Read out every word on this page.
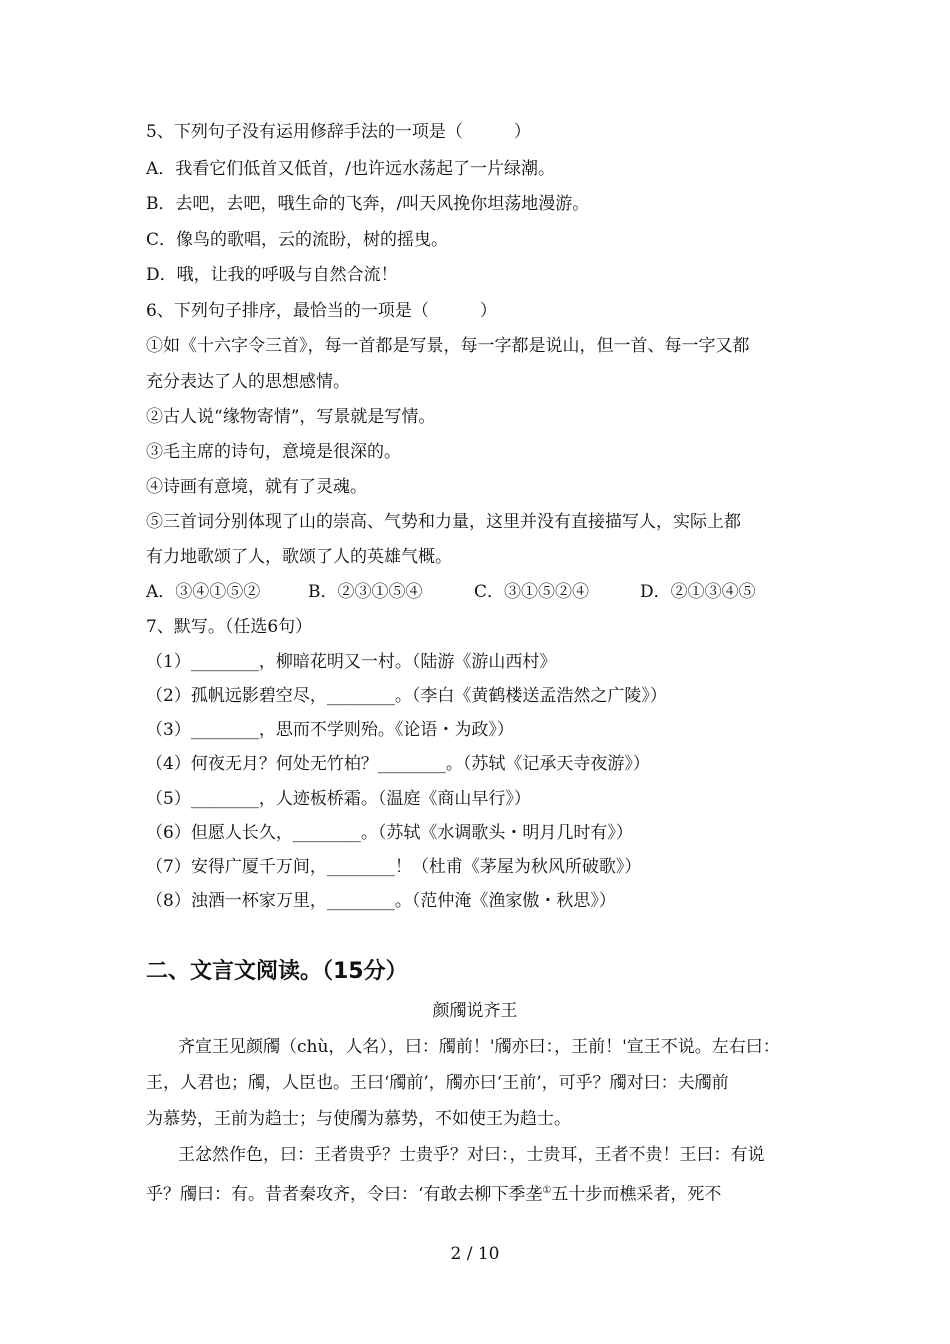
5、下列句子没有运用修辞手法的一项是（　　　）
A．我看它们低首又低首，/也许远水荡起了一片绿潮。
B．去吧，去吧，哦生命的飞奔，/叫天风挽你坦荡地漫游。
C．像鸟的歌唱，云的流盼，树的摇曳。
D．哦，让我的呼吸与自然合流！
6、下列句子排序，最恰当的一项是（　　　）
①如《十六字令三首》，每一首都是写景，每一字都是说山，但一首、每一字又都
充分表达了人的思想感情。
②古人说“缘物寄情”，写景就是写情。
③毛主席的诗句，意境是很深的。
④诗画有意境，就有了灵魂。
⑤三首词分别体现了山的崇高、气势和力量，这里并没有直接描写人，实际上都
有力地歌颂了人，歌颂了人的英雄气概。
A．③④①⑤②	B．②③①⑤④	C．③①⑤②④	D．②①③④⑤
7、默写。（任选6句）
（1）________，柳暗花明又一村。（陆游《游山西村》
（2）孤帆远影碧空尽，________。（李白《黄鹤楼送孟浩然之广陵》）
（3）________，思而不学则殆。《论语・为政》）
（4）何夜无月？何处无竹柏？________。（苏轼《记承天寺夜游》）
（5）________，人迹板桥霜。（温庭《商山早行》）
（6）但愿人长久，________。（苏轼《水调歌头・明月几时有》）
（7）安得广厦千万间，________！（杜甫《茅屋为秋风所破歌》）
（8）浊酒一杯家万里，________。（范仲淹《渔家傲・秋思》）
二、文言文阅读。（15分）
颜斶说齐王
齐宣王见颜斶（chù，人名），曰：斶前！'斶亦曰：，王前！'宣王不说。左右曰：
王，人君也；斶，人臣也。王曰‘斶前’，斶亦曰‘王前’，可乎？斶对曰：夫斶前
为慕势，王前为趋士；与使斶为慕势，不如使王为趋士。
王忿然作色，曰：王者贵乎？士贵乎？对曰：，士贵耳，王者不贵！王曰：有说
乎？斶曰：有。昔者秦攻齐，令曰：‘有敢去柳下季垄①五十步而樵采者，死不
2 / 10
